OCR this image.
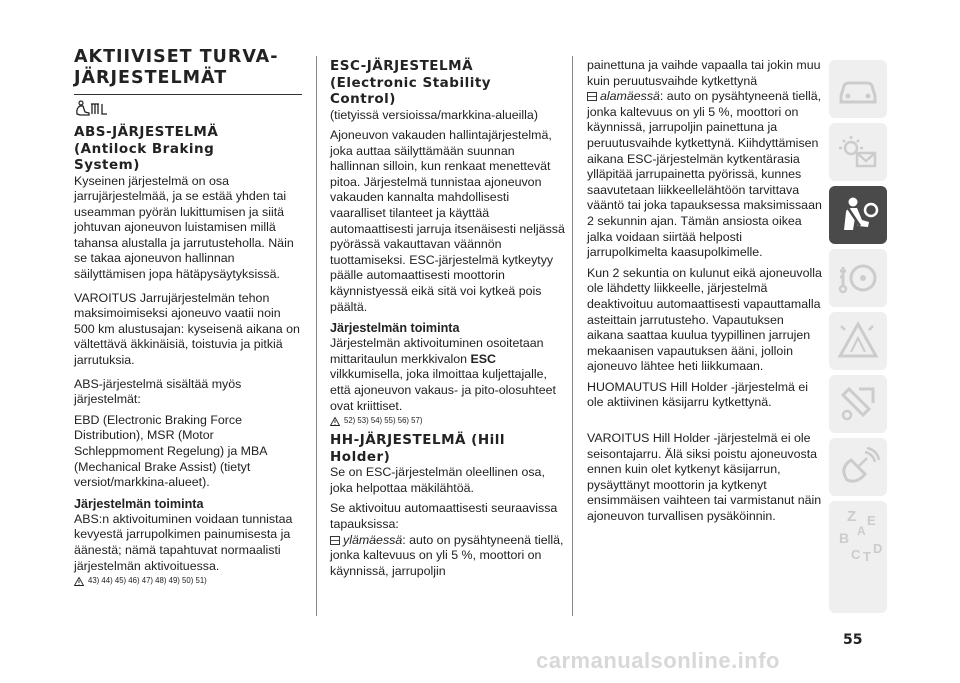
AKTIIVISET TURVA-
JÄRJESTELMÄT
ABS-JÄRJESTELMÄ
(Antilock Braking
System)

Kyseinen järjestelmä on osa jarrujärjestelmää, ja se estää yhden tai useamman pyörän lukittumisen ja siitä johtuvan ajoneuvon luistamisen millä tahansa alustalla ja jarrutusteholla. Näin se takaa ajoneuvon hallinnan säilyttämisen jopa hätäpysäytyksissä.

VAROITUS Jarrujärjestelmän tehon maksimoimiseksi ajoneuvo vaatii noin 500 km alustusajan: kyseisenä aikana on vältettävä äkkinäisiä, toistuvia ja pitkiä jarrutuksia.

ABS-järjestelmä sisältää myös järjestelmät:

EBD (Electronic Braking Force Distribution), MSR (Motor Schleppmoment Regelung) ja MBA (Mechanical Brake Assist) (tietyt versiot/markkina-alueet).

Järjestelmän toiminta

ABS:n aktivoituminen voidaan tunnistaa kevyestä jarrupolkimen painumisesta ja äänestä; nämä tapahtuvat normaalisti järjestelmän aktivoituessa.

43) 44) 45) 46) 47) 48) 49) 50) 51)

ESC-JÄRJESTELMÄ
(Electronic Stability
Control)

(tietyissä versioissa/markkina-alueilla)

Ajoneuvon vakauden hallintajärjestelmä, joka auttaa säilyttämään suunnan hallinnan silloin, kun renkaat menettevät pitoa. Järjestelmä tunnistaa ajoneuvon vakauden kannalta mahdollisesti vaaralliset tilanteet ja käyttää automaattisesti jarruja itsenäisesti neljässä pyörässä vakauttavan väännön tuottamiseksi. ESC-järjestelmä kytkeytyy päälle automaattisesti moottorin käynnistyessä eikä sitä voi kytkeä pois päältä.

Järjestelmän toiminta

Järjestelmän aktivoituminen osoitetaan mittaritaulun merkkivalon ESC vilkkumisella, joka ilmoittaa kuljettajalle, että ajoneuvon vakaus- ja pito-olosuhteet ovat kriittiset.

52) 53) 54) 55) 56) 57)

HH-JÄRJESTELMÄ (Hill
Holder)

Se on ESC-järjestelmän oleellinen osa, joka helpottaa mäkilähtöä.

Se aktivoituu automaattisesti seuraavissa tapauksissa:

ylämäessä: auto on pysähtyneenä tiellä, jonka kaltevuus on yli 5 %, moottori on käynnissä, jarrupoljin

painettuna ja vaihde vapaalla tai jokin muu kuin peruutusvaihde kytkettynä

alamäessä: auto on pysähtyneenä tiellä, jonka kaltevuus on yli 5 %, moottori on käynnissä, jarrupoljin painettuna ja peruutusvaihde kytkettynä. Kiihdyttämisen aikana ESC-järjestelmän kytkentärasia ylläpitää jarrupainetta pyörissä, kunnes saavutetaan liikkeellelähtöön tarvittava vääntö tai joka tapauksessa maksimissaan 2 sekunnin ajan. Tämän ansiosta oikea jalka voidaan siirtää helposti jarrupolkimelta kaasupolkimelle.

Kun 2 sekuntia on kulunut eikä ajoneuvolla ole lähdetty liikkeelle, järjestelmä deaktivoituu automaattisesti vapauttamalla asteittain jarrutusteho. Vapautuksen aikana saattaa kuulua tyypillinen jarrujen mekaanisen vapautuksen ääni, jolloin ajoneuvo lähtee heti liikkumaan.

HUOMAUTUS Hill Holder -järjestelmä ei ole aktiivinen käsijarru kytkettynä.

VAROITUS Hill Holder -järjestelmä ei ole seisontajarru. Älä siksi poistu ajoneuvosta ennen kuin olet kytkenyt käsijarrun, pysäyttänyt moottorin ja kytkenyt ensimmäisen vaihteen tai varmistanut näin ajoneuvon turvallisen pysäköinnin.	Z E
B
C T
D
A
55
carmanualsonline.info
